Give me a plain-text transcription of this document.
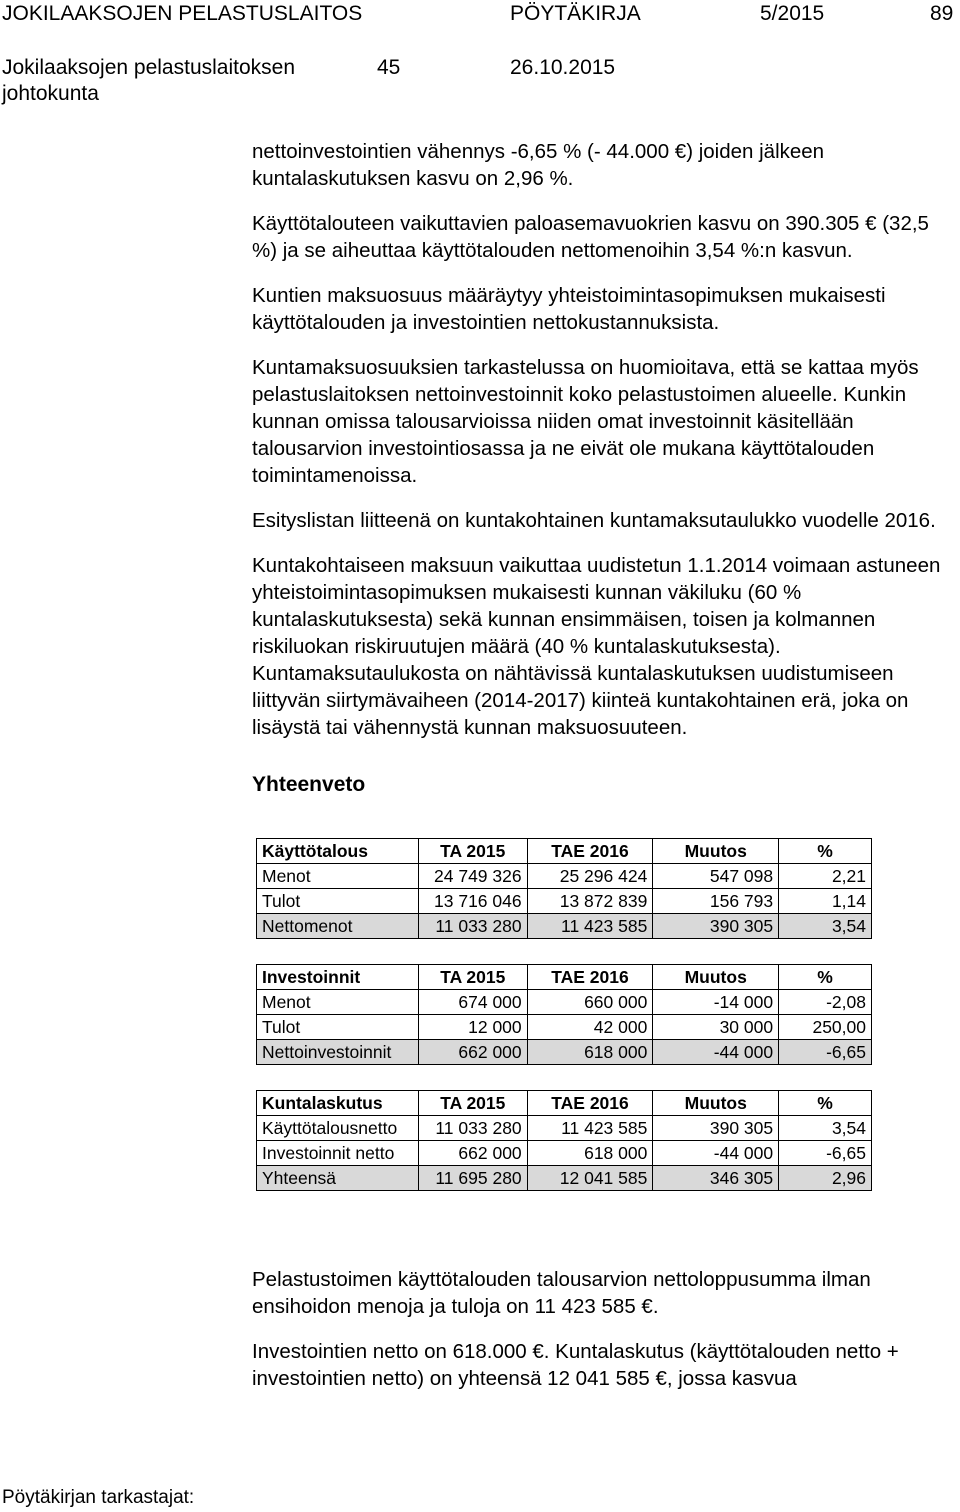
JOKILAAKSOJEN PELASTUSLAITOS	PÖYTÄKIRJA	5/2015	89
Jokilaaksojen pelastuslaitoksen
johtokunta
45	26.10.2015

nettoinvestointien vähennys -6,65 % (- 44.000 €) joiden jälkeen kuntalaskutuksen kasvu on 2,96 %.

Käyttötalouteen vaikuttavien paloasemavuokrien kasvu on 390.305 € (32,5 %) ja se aiheuttaa käyttötalouden nettomenoihin 3,54 %:n kasvun.

Kuntien maksuosuus määräytyy yhteistoimintasopimuksen mukaisesti käyttötalouden ja investointien nettokustannuksista.

Kuntamaksuosuuksien tarkastelussa on huomioitava, että se kattaa myös pelastuslaitoksen nettoinvestoinnit koko pelastustoimen alueelle. Kunkin kunnan omissa talousarvioissa niiden omat investoinnit käsitellään talousarvion investointiosassa ja ne eivät ole mukana käyttötalouden toimintamenoissa.

Esityslistan liitteenä on kuntakohtainen kuntamaksutaulukko vuodelle 2016.

Kuntakohtaiseen maksuun vaikuttaa uudistetun 1.1.2014 voimaan astuneen yhteistoimintasopimuksen mukaisesti kunnan väkiluku (60 % kuntalaskutuksesta) sekä kunnan ensimmäisen, toisen ja kolmannen riskiluokan riskiruutujen määrä (40 % kuntalaskutuksesta). Kuntamaksutaulukosta on nähtävissä kuntalaskutuksen uudistumiseen liittyvän siirtymävaiheen (2014-2017) kiinteä kuntakohtainen erä, joka on lisäystä tai vähennystä kunnan maksuosuuteen.

Yhteenveto
Käyttötalous	TA 2015	TAE 2016	Muutos	%
Menot	24 749 326	25 296 424	547 098	2,21
Tulot	13 716 046	13 872 839	156 793	1,14
Nettomenot	11 033 280	11 423 585	390 305	3,54
Investoinnit	TA 2015	TAE 2016	Muutos	%
Menot	674 000	660 000	-14 000	-2,08
Tulot	12 000	42 000	30 000	250,00
Nettoinvestoinnit	662 000	618 000	-44 000	-6,65
Kuntalaskutus	TA 2015	TAE 2016	Muutos	%
Käyttötalousnetto	11 033 280	11 423 585	390 305	3,54
Investoinnit netto	662 000	618 000	-44 000	-6,65
Yhteensä	11 695 280	12 041 585	346 305	2,96

Pelastustoimen käyttötalouden talousarvion nettoloppusumma ilman ensihoidon menoja ja tuloja on 11 423 585 €.

Investointien netto on 618.000 €. Kuntalaskutus (käyttötalouden netto + investointien netto) on yhteensä 12 041 585 €, jossa kasvua

Pöytäkirjan tarkastajat:
